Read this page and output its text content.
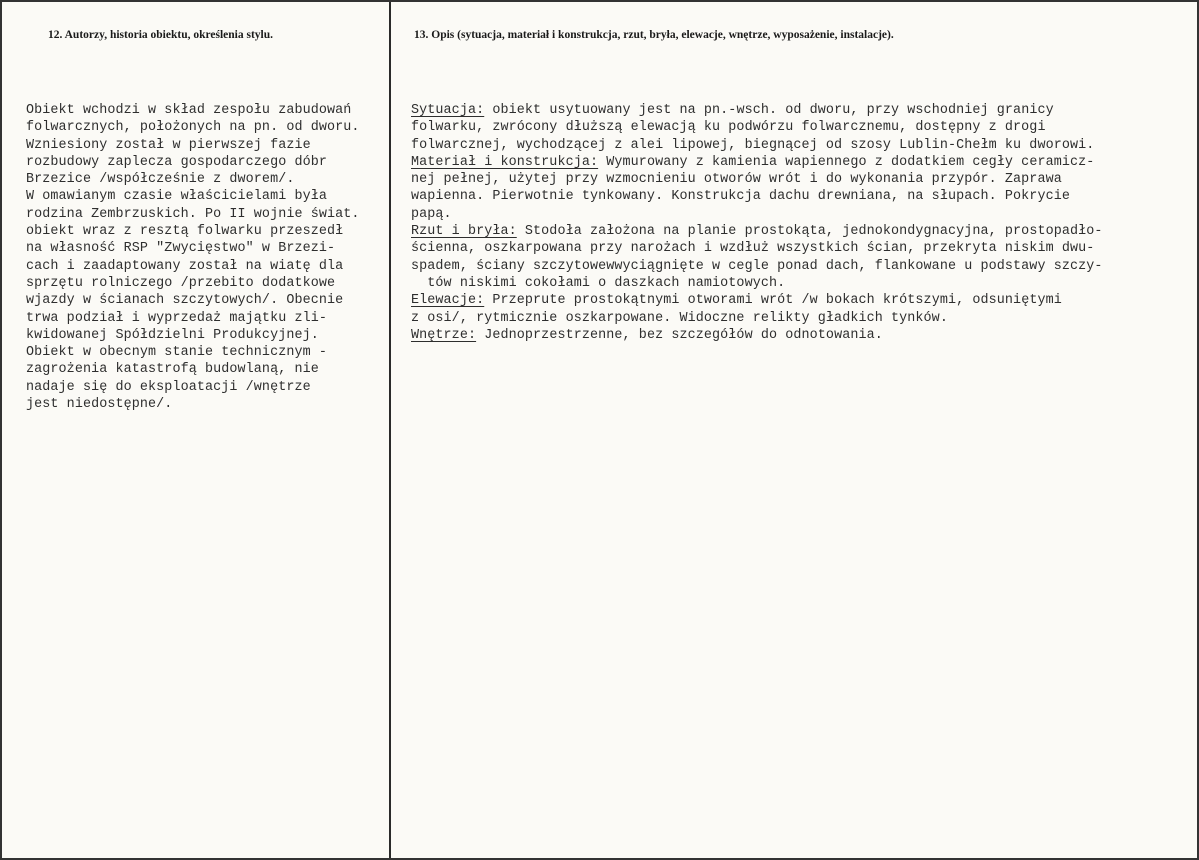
12. Autorzy, historia obiektu, określenia stylu.	13. Opis (sytuacja, materiał i konstrukcja, rzut, bryła, elewacje, wnętrze, wyposażenie, instalacje).
Obiekt wchodzi w skład zespołu zabudowań
folwarcznych, położonych na pn. od dworu.
Wzniesiony został w pierwszej fazie
rozbudowy zaplecza gospodarczego dóbr
Brzezice /współcześnie z dworem/.
W omawianym czasie właścicielami była
rodzina Zembrzuskich. Po II wojnie świat.
obiekt wraz z resztą folwarku przeszedł
na własność RSP "Zwycięstwo" w Brzezi-
cach i zaadaptowany został na wiatę dla
sprzętu rolniczego /przebito dodatkowe
wjazdy w ścianach szczytowych/. Obecnie
trwa podział i wyprzedaż majątku zli-
kwidowanej Spółdzielni Produkcyjnej.
Obiekt w obecnym stanie technicznym -
zagrożenia katastrofą budowlaną, nie
nadaje się do eksploatacji /wnętrze
jest niedostępne/.
Sytuacja: obiekt usytuowany jest na pn.-wsch. od dworu, przy wschodniej granicy
folwarku, zwrócony dłuższą elewacją ku podwórzu folwarcznemu, dostępny z drogi
folwarcznej, wychodzącej z alei lipowej, biegnącej od szosy Lublin-Chełm ku dworowi.
Materiał i konstrukcja: Wymurowany z kamienia wapiennego z dodatkiem cegły ceramicz-
nej pełnej, użytej przy wzmocnieniu otworów wrót i do wykonania przypór. Zaprawa
wapienna. Pierwotnie tynkowany. Konstrukcja dachu drewniana, na słupach. Pokrycie
papą.
Rzut i bryła: Stodoła założona na planie prostokąta, jednokondygnacyjna, prostopadło-
ścienna, oszkarpowana przy narożach i wzdłuż wszystkich ścian, przekryta niskim dwu-
spadem, ściany szczytowewwyciągnięte w cegle ponad dach, flankowane u podstawy szczy-
tów niskimi cokołami o daszkach namiotowych.
Elewacje: Przeprute prostokątnymi otworami wrót /w bokach krótszymi, odsuniętymi
z osi/, rytmicznie oszkarpowane. Widoczne relikty gładkich tynków.
Wnętrze: Jednoprzestrzenne, bez szczegółów do odnotowania.
